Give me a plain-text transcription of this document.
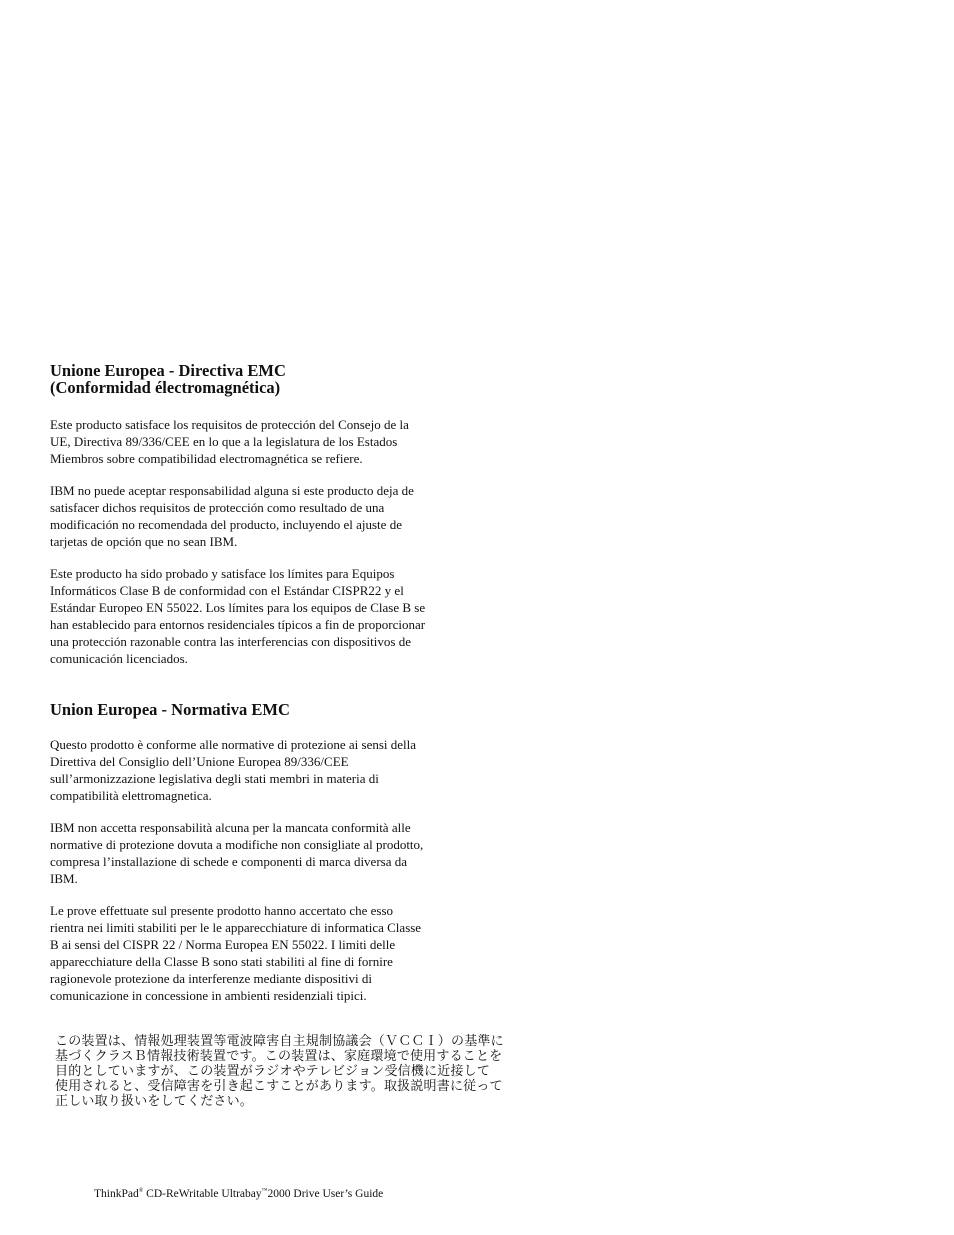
Unione Europea - Directiva EMC
(Conformidad électromagnética)

Este producto satisface los requisitos de protección del Consejo de la
UE, Directiva 89/336/CEE en lo que a la legislatura de los Estados
Miembros sobre compatibilidad electromagnética se refiere.

IBM no puede aceptar responsabilidad alguna si este producto deja de
satisfacer dichos requisitos de protección como resultado de una
modificación no recomendada del producto, incluyendo el ajuste de
tarjetas de opción que no sean IBM.

Este producto ha sido probado y satisface los límites para Equipos
Informáticos Clase B de conformidad con el Estándar CISPR22 y el
Estándar Europeo EN 55022. Los límites para los equipos de Clase B se
han establecido para entornos residenciales típicos a fin de proporcionar
una protección razonable contra las interferencias con dispositivos de
comunicación licenciados.

Union Europea - Normativa EMC

Questo prodotto è conforme alle normative di protezione ai sensi della
Direttiva del Consiglio dell’Unione Europea 89/336/CEE
sull’armonizzazione legislativa degli stati membri in materia di
compatibilità elettromagnetica.

IBM non accetta responsabilità alcuna per la mancata conformità alle
normative di protezione dovuta a modifiche non consigliate al prodotto,
compresa l’installazione di schede e componenti di marca diversa da
IBM.

Le prove effettuate sul presente prodotto hanno accertato che esso
rientra nei limiti stabiliti per le le apparecchiature di informatica Classe
B ai sensi del CISPR 22 / Norma Europea EN 55022. I limiti delle
apparecchiature della Classe B sono stati stabiliti al fine di fornire
ragionevole protezione da interferenze mediante dispositivi di
comunicazione in concessione in ambienti residenziali tipici.

この装置は、情報処理装置等電波障害自主規制協議会（ＶＣＣＩ）の基準に
基づくクラスＢ情報技術装置です。この装置は、家庭環境で使用することを
目的としていますが、この装置がラジオやテレビジョン受信機に近接して
使用されると、受信障害を引き起こすことがあります。取扱説明書に従って
正しい取り扱いをしてください。
ThinkPad® CD-ReWritable Ultrabay™2000 Drive User’s Guide
